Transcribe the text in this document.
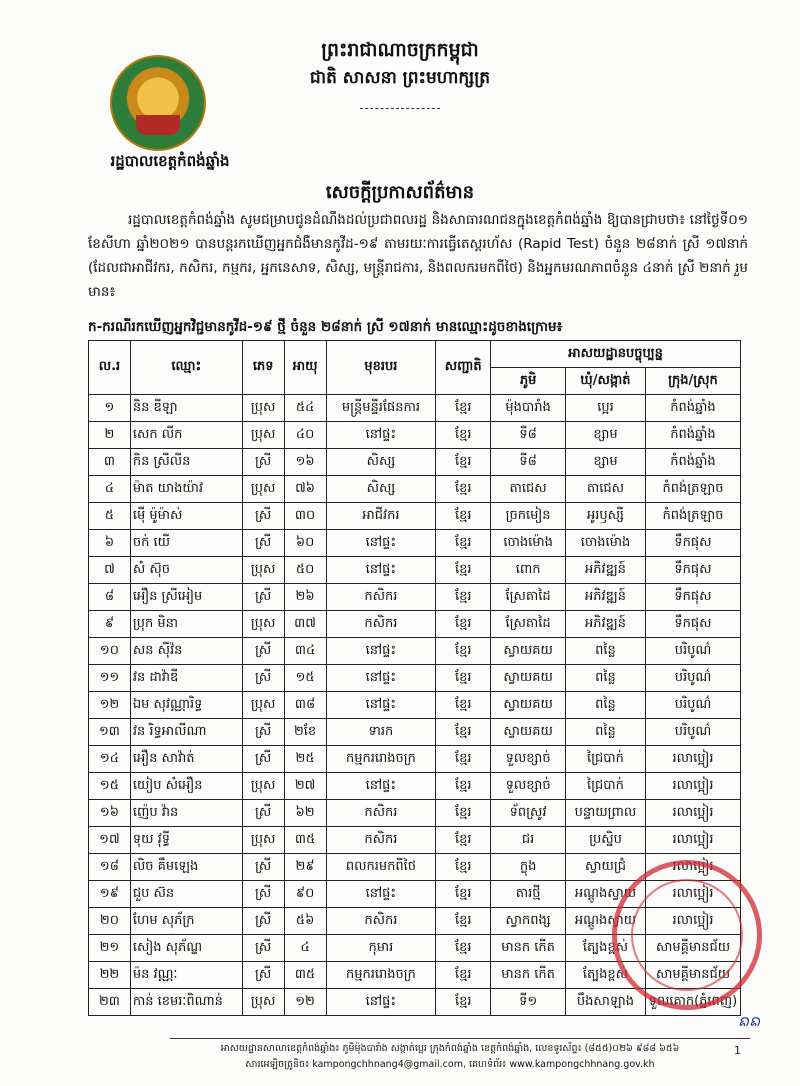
រដ្ឋបាលខេត្តកំពង់ឆ្នាំង
ព្រះរាជាណាចក្រកម្ពុជា
ជាតិ សាសនា ព្រះមហាក្សត្រ
សេចក្តីប្រកាសព័ត៌មាន
រដ្ឋបាលខេត្តកំពង់ឆ្នាំង សូមជម្រាបជូនដំណឹងដល់ប្រជាពលរដ្ឋ និងសាធារណជនក្នុងខេត្តកំពង់ឆ្នាំង ឱ្យបានជ្រាបថា៖ នៅថ្ងៃទី០១ ខែសីហា ឆ្នាំ២០២១ បានបន្តរកឃើញអ្នកជំងឺមានកូវីដ-១៩ តាមរយៈការធ្វើតេស្តរហ័ស (Rapid Test) ចំនួន ២៨នាក់ ស្រី ១៧នាក់ (ដែលជាអាជីវករ, កសិករ, កម្មករ, អ្នកនេសាទ, សិស្ស, មន្ត្រីរាជការ, និងពលករមកពីថៃ) និងអ្នកមរណភាពចំនួន ៤នាក់ ស្រី ២នាក់ រួមមាន៖
ក-ករណីរកឃើញអ្នកវិជ្ជមានកូវីដ-១៩ ថ្មី ចំនួន ២៨នាក់ ស្រី ១៧នាក់ មានឈ្មោះដូចខាងក្រោម៖
ល.រ	ឈ្មោះ	ភេទ	អាយុ	មុខរបរ	សញ្ជាតិ	អាសយដ្ឋានបច្ចុប្បន្ន		
						ភូមិ	ឃុំ/សង្កាត់	ក្រុង/ស្រុក
១	និន ឌីឡា	ប្រុស	៥៤	មន្ត្រីមន្ទីរផែនការ	ខ្មែរ	ម៉ុងបារាំង	ប្អេរ	កំពង់ឆ្នាំង
២	សេក លីក	ប្រុស	៤០	នៅផ្ទះ	ខ្មែរ	ទី៨	ខ្សាម	កំពង់ឆ្នាំង
៣	កិន ស្រីលីន	ស្រី	១៦	សិស្ស	ខ្មែរ	ទី៨	ខ្សាម	កំពង់ឆ្នាំង
៤	ម៉ាត យាងយ៉ាវ	ប្រុស	៧៦	សិស្ស	ខ្មែរ	តាជេស	តាជេស	កំពង់ត្រឡាច
៥	ម៉ើ ម៉ូម៉ាស់	ស្រី	៣០	អាជីវករ	ខ្មែរ	ច្រកមៀន	អូរឫស្សី	កំពង់ត្រឡាច
៦	ចក់ យើ	ស្រី	៦០	នៅផ្ទះ	ខ្មែរ	ចោងម៉ោង	ចោងម៉ោង	ទឹកផុស
៧	សំ ស៊ុច	ប្រុស	៥០	នៅផ្ទះ	ខ្មែរ	ពោក	អភិវឌ្ឍន៍	ទឹកផុស
៨	អឿន ស្រីអៀម	ស្រី	២៦	កសិករ	ខ្មែរ	ស្រែតាដៃ	អភិវឌ្ឍន៍	ទឹកផុស
៩	ប្រុក មិនា	ប្រុស	៣៧	កសិករ	ខ្មែរ	ស្រែតាដៃ	អភិវឌ្ឍន៍	ទឹកផុស
១០	សន ស៊ីវ៉ន	ស្រី	៣៤	នៅផ្ទះ	ខ្មែរ	ស្វាយគយ	ពន្លៃ	បរិបូណ៌
១១	វន ដាវ៉ាឌី	ស្រី	១៥	នៅផ្ទះ	ខ្មែរ	ស្វាយគយ	ពន្លៃ	បរិបូណ៌
១២	ឯម សុវណ្ណារិទ្ធ	ប្រុស	៣៨	នៅផ្ទះ	ខ្មែរ	ស្វាយគយ	ពន្លៃ	បរិបូណ៌
១៣	វន រិទ្ធអាលីណា	ស្រី	២ខែ	ទារក	ខ្មែរ	ស្វាយគយ	ពន្លៃ	បរិបូណ៌
១៤	អឿន សាវ៉ាត់	ស្រី	២៥	កម្មកររោងចក្រ	ខ្មែរ	ទួលខ្សាច់	ជ្រៃបាក់	រលាប្អៀរ
១៥	យៀប សំអឿន	ប្រុស	២៧	នៅផ្ទះ	ខ្មែរ	ទួលខ្សាច់	ជ្រៃបាក់	រលាប្អៀរ
១៦	ញ៉េប វ៉ាន	ស្រី	៦២	កសិករ	ខ្មែរ	ទ័ពស្រូវ	បន្ទាយព្រាល	រលាប្អៀរ
១៧	ទុយ វុទ្ធី	ប្រុស	៣៥	កសិករ	ខ្មែរ	ជរ	ប្រស្និប	រលាប្អៀរ
១៨	លិច គឹមឡេង	ស្រី	២៩	ពលករមកពីថៃ	ខ្មែរ	ក្លុង	ស្វាយជ្រំ	រលាប្អៀរ
១៩	ជួប ស៊ន	ស្រី	៩០	នៅផ្ទះ	ខ្មែរ	តារថ្មី	អណ្តូងស្វាយ	រលាប្អៀរ
២០	ហែម សុភ័ក្រ	ស្រី	៥៦	កសិករ	ខ្មែរ	ស្វាកពង្ស	អណ្តូងស្វាយ	រលាប្អៀរ
២១	សៀង សុភ័ណ្ឌ	ស្រី	៤	កុមារ	ខ្មែរ	មានក កើត	ត្បែងខ្ពស់	សាមគ្គីមានជ័យ
២២	ម៉ន វណ្ណៈ	ស្រី	៣៥	កម្មកររោងចក្រ	ខ្មែរ	មានក កើត	ត្បែងខ្ពស់	សាមគ្គីមានជ័យ
២៣	កាន់ ខេមរៈពិណាន់	ប្រុស	១២	នៅផ្ទះ	ខ្មែរ	ទី១	បឹងសាឡាង	ទួលគោក(ភ្នំពេញ)
ᨦᨦ
អាសយដ្ឋានសាលាខេត្តកំពង់ឆ្នាំង៖ ភូមិម៉ុងបារាំង សង្កាត់ប្អេរ ក្រុងកំពង់ឆ្នាំង ខេត្តកំពង់ឆ្នាំង, លេខទូរស័ព្ទ៖ (៨៥៥)០២៦ ៩៨៨ ៦៥៦
សារអេឡិចត្រូនិច៖ kampongchhnang4@gmail.com, គេហទំព័រ៖ www.kampongchhnang.gov.kh
1
